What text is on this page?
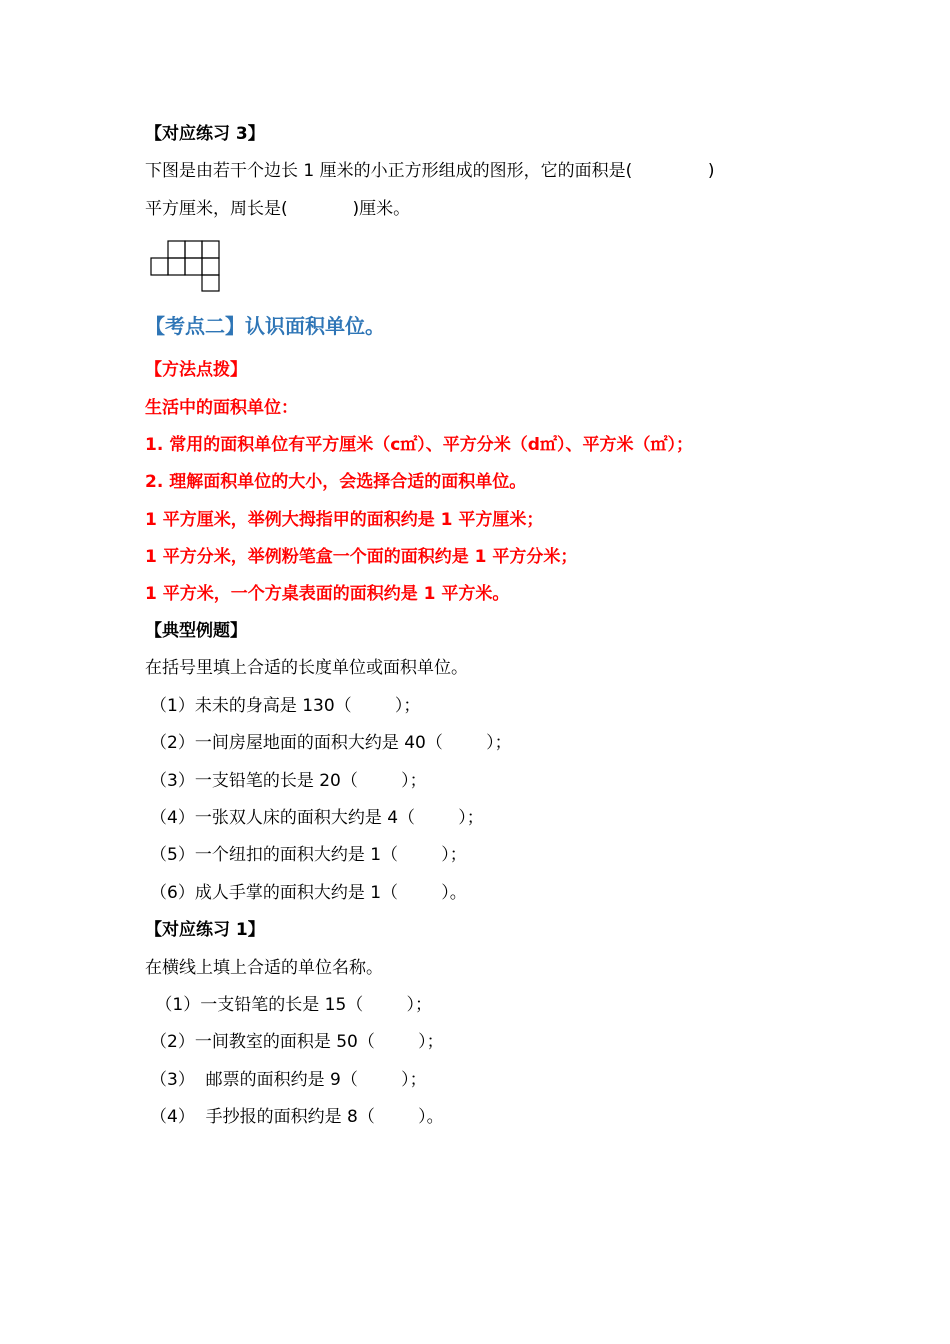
【对应练习 3】
下图是由若干个边长 1 厘米的小正方形组成的图形，它的面积是(              )
平方厘米，周长是(            )厘米。
【考点二】认识面积单位。
【方法点拨】
生活中的面积单位：
1. 常用的面积单位有平方厘米（c㎡）、平方分米（d㎡）、平方米（㎡）；
2. 理解面积单位的大小，会选择合适的面积单位。
1 平方厘米，举例大拇指甲的面积约是 1 平方厘米；
1 平方分米，举例粉笔盒一个面的面积约是 1 平方分米；
1 平方米，一个方桌表面的面积约是 1 平方米。
【典型例题】
在括号里填上合适的长度单位或面积单位。
（1）未未的身高是 130（        ）；
（2）一间房屋地面的面积大约是 40（        ）；
（3）一支铅笔的长是 20（        ）；
（4）一张双人床的面积大约是 4（        ）；
（5）一个纽扣的面积大约是 1（        ）；
（6）成人手掌的面积大约是 1（        ）。
【对应练习 1】
在横线上填上合适的单位名称。
（1）一支铅笔的长是 15（        ）；
（2）一间教室的面积是 50（        ）；
（3）  邮票的面积约是 9（        ）；
（4）  手抄报的面积约是 8（        ）。
